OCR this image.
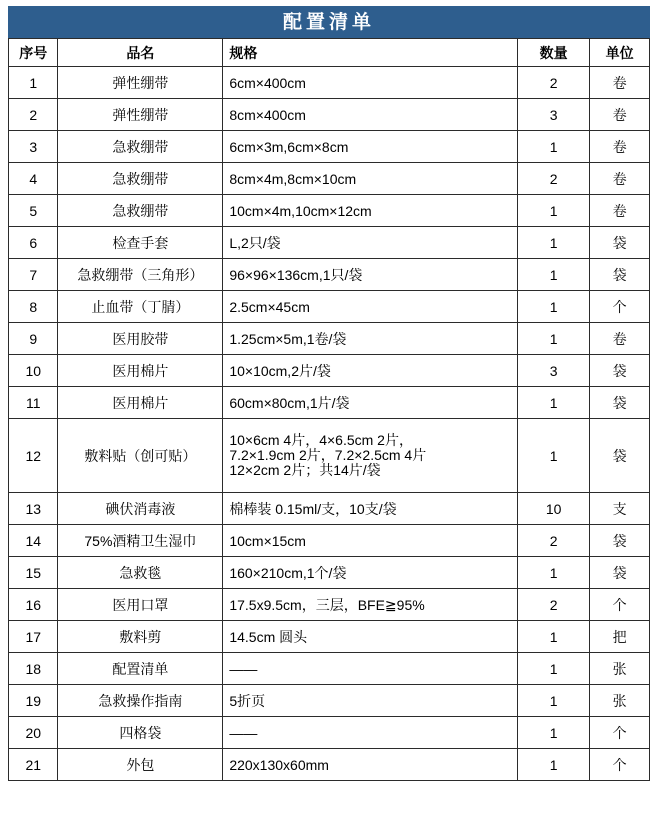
配置清单
序号	品名	规格	数量	单位
1	弹性绷带	6cm×400cm	2	卷
2	弹性绷带	8cm×400cm	3	卷
3	急救绷带	6cm×3m,6cm×8cm	1	卷
4	急救绷带	8cm×4m,8cm×10cm	2	卷
5	急救绷带	10cm×4m,10cm×12cm	1	卷
6	检查手套	L,2只/袋	1	袋
7	急救绷带（三角形）	96×96×136cm,1只/袋	1	袋
8	止血带（丁腈）	2.5cm×45cm	1	个
9	医用胶带	1.25cm×5m,1卷/袋	1	卷
10	医用棉片	10×10cm,2片/袋	3	袋
11	医用棉片	60cm×80cm,1片/袋	1	袋
12	敷料贴（创可贴）	10×6cm 4片，4×6.5cm 2片，
7.2×1.9cm 2片，7.2×2.5cm 4片
12×2cm 2片；共14片/袋	1	袋
13	碘伏消毒液	棉棒装 0.15ml/支，10支/袋	10	支
14	75%酒精卫生湿巾	10cm×15cm	2	袋
15	急救毯	160×210cm,1个/袋	1	袋
16	医用口罩	17.5x9.5cm，三层，BFE≧95%	2	个
17	敷料剪	14.5cm 圆头	1	把
18	配置清单	——	1	张
19	急救操作指南	5折页	1	张
20	四格袋	——	1	个
21	外包	220x130x60mm	1	个
